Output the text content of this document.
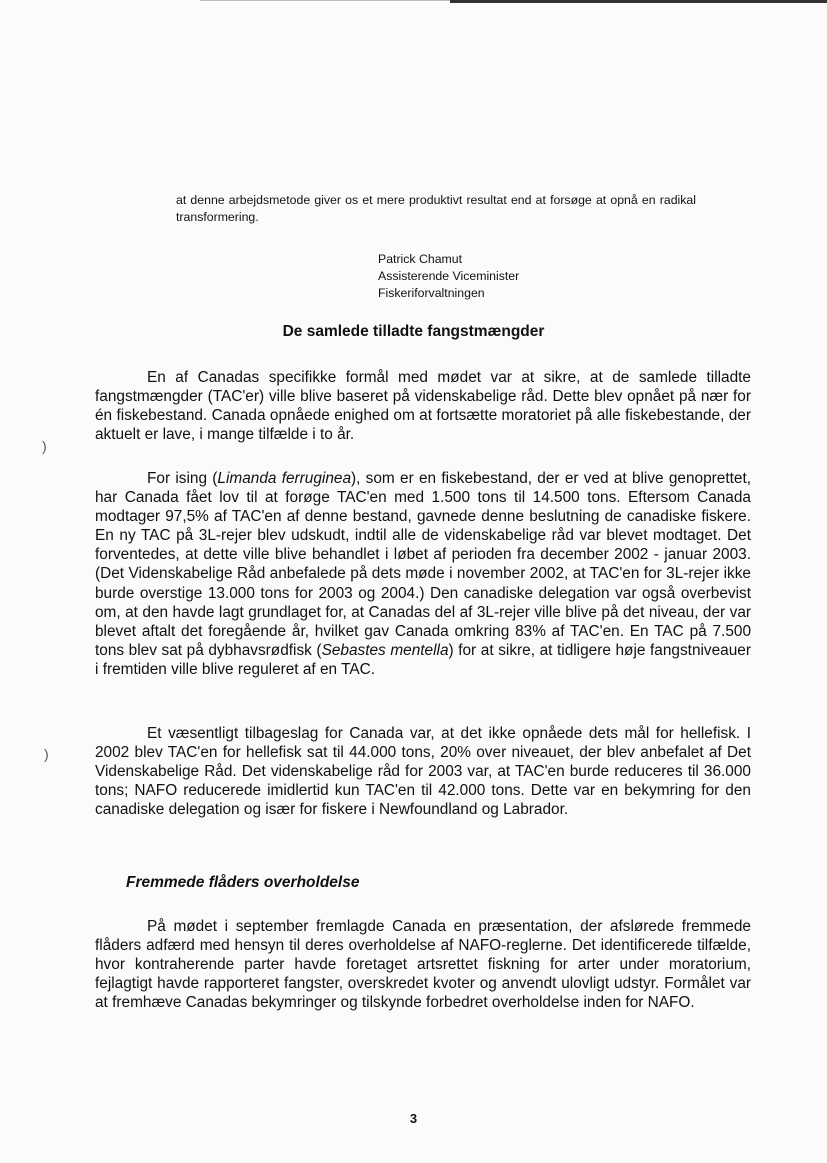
)
)
at denne arbejdsmetode giver os et mere produktivt resultat end at forsøge at opnå en radikal transformering.
Patrick Chamut
Assisterende Viceminister
Fiskeriforvaltningen
De samlede tilladte fangstmængder

En af Canadas specifikke formål med mødet var at sikre, at de samlede tilladte fangstmængder (TAC'er) ville blive baseret på videnskabelige råd. Dette blev opnået på nær for én fiskebestand. Canada opnåede enighed om at fortsætte moratoriet på alle fiskebestande, der aktuelt er lave, i mange tilfælde i to år.

For ising (Limanda ferruginea), som er en fiskebestand, der er ved at blive genoprettet, har Canada fået lov til at forøge TAC'en med 1.500 tons til 14.500 tons. Eftersom Canada modtager 97,5% af TAC'en af denne bestand, gavnede denne beslutning de canadiske fiskere. En ny TAC på 3L-rejer blev udskudt, indtil alle de videnskabelige råd var blevet modtaget. Det forventedes, at dette ville blive behandlet i løbet af perioden fra december 2002 - januar 2003. (Det Videnskabelige Råd anbefalede på dets møde i november 2002, at TAC'en for 3L-rejer ikke burde overstige 13.000 tons for 2003 og 2004.) Den canadiske delegation var også overbevist om, at den havde lagt grundlaget for, at Canadas del af 3L-rejer ville blive på det niveau, der var blevet aftalt det foregående år, hvilket gav Canada omkring 83% af TAC'en. En TAC på 7.500 tons blev sat på dybhavsrødfisk (Sebastes mentella) for at sikre, at tidligere høje fangstniveauer i fremtiden ville blive reguleret af en TAC.

Et væsentligt tilbageslag for Canada var, at det ikke opnåede dets mål for hellefisk. I 2002 blev TAC'en for hellefisk sat til 44.000 tons, 20% over niveauet, der blev anbefalet af Det Videnskabelige Råd. Det videnskabelige råd for 2003 var, at TAC'en burde reduceres til 36.000 tons; NAFO reducerede imidlertid kun TAC'en til 42.000 tons. Dette var en bekymring for den canadiske delegation og især for fiskere i Newfoundland og Labrador.

Fremmede flåders overholdelse

På mødet i september fremlagde Canada en præsentation, der afslørede fremmede flåders adfærd med hensyn til deres overholdelse af NAFO-reglerne. Det identificerede tilfælde, hvor kontraherende parter havde foretaget artsrettet fiskning for arter under moratorium, fejlagtigt havde rapporteret fangster, overskredet kvoter og anvendt ulovligt udstyr. Formålet var at fremhæve Canadas bekymringer og tilskynde forbedret overholdelse inden for NAFO.

3
